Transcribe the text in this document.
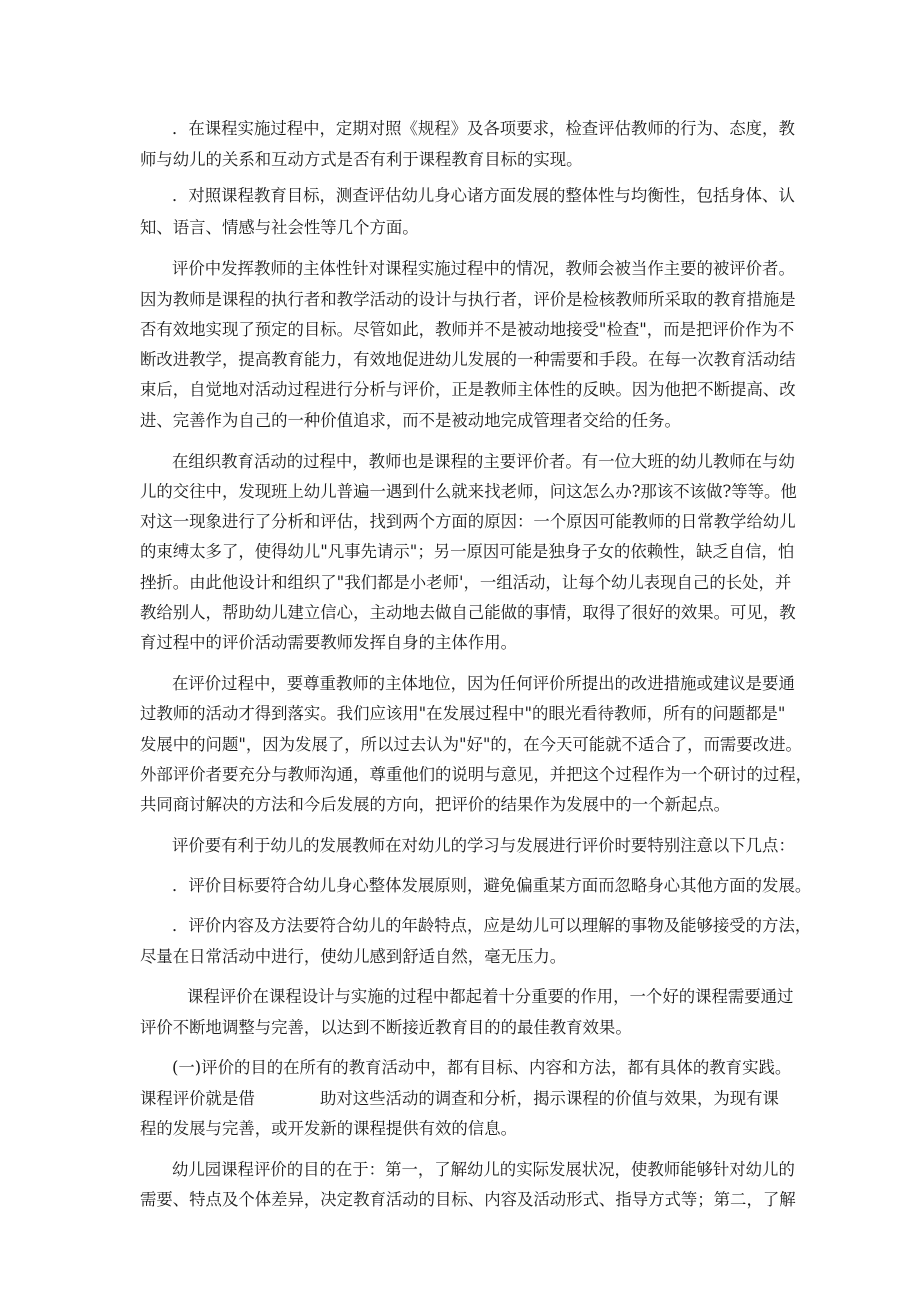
．在课程实施过程中，定期对照《规程》及各项要求，检查评估教师的行为、态度，教
师与幼儿的关系和互动方式是否有利于课程教育目标的实现。
．对照课程教育目标，测查评估幼儿身心诸方面发展的整体性与均衡性，包括身体、认
知、语言、情感与社会性等几个方面。
评价中发挥教师的主体性针对课程实施过程中的情况，教师会被当作主要的被评价者。
因为教师是课程的执行者和教学活动的设计与执行者，评价是检核教师所采取的教育措施是
否有效地实现了预定的目标。尽管如此，教师并不是被动地接受"检查"，而是把评价作为不
断改进教学，提高教育能力，有效地促进幼儿发展的一种需要和手段。在每一次教育活动结
束后，自觉地对活动过程进行分析与评价，正是教师主体性的反映。因为他把不断提高、改
进、完善作为自己的一种价值追求，而不是被动地完成管理者交给的任务。
在组织教育活动的过程中，教师也是课程的主要评价者。有一位大班的幼儿教师在与幼
儿的交往中，发现班上幼儿普遍一遇到什么就来找老师，问这怎么办?那该不该做?等等。他
对这一现象进行了分析和评估，找到两个方面的原因：一个原因可能教师的日常教学给幼儿
的束缚太多了，使得幼儿"凡事先请示"；另一原因可能是独身子女的依赖性，缺乏自信，怕
挫折。由此他设计和组织了"我们都是小老师'，一组活动，让每个幼儿表现自己的长处，并
教给别人，帮助幼儿建立信心，主动地去做自己能做的事情，取得了很好的效果。可见，教
育过程中的评价活动需要教师发挥自身的主体作用。
在评价过程中，要尊重教师的主体地位，因为任何评价所提出的改进措施或建议是要通
过教师的活动才得到落实。我们应该用"在发展过程中"的眼光看待教师，所有的问题都是"
发展中的问题"，因为发展了，所以过去认为"好"的，在今天可能就不适合了，而需要改进。
外部评价者要充分与教师沟通，尊重他们的说明与意见，并把这个过程作为一个研讨的过程，
共同商讨解决的方法和今后发展的方向，把评价的结果作为发展中的一个新起点。
评价要有利于幼儿的发展教师在对幼儿的学习与发展进行评价时要特别注意以下几点：
．评价目标要符合幼儿身心整体发展原则，避免偏重某方面而忽略身心其他方面的发展。
．评价内容及方法要符合幼儿的年龄特点，应是幼儿可以理解的事物及能够接受的方法，
尽量在日常活动中进行，使幼儿感到舒适自然，毫无压力。
课程评价在课程设计与实施的过程中都起着十分重要的作用，一个好的课程需要通过
评价不断地调整与完善，以达到不断接近教育目的的最佳教育效果。
(一)评价的目的在所有的教育活动中，都有目标、内容和方法，都有具体的教育实践。
课程评价就是借	助对这些活动的调查和分析，揭示课程的价值与效果，为现有课
程的发展与完善，或开发新的课程提供有效的信息。
幼儿园课程评价的目的在于：第一，了解幼儿的实际发展状况，使教师能够针对幼儿的
需要、特点及个体差异，决定教育活动的目标、内容及活动形式、指导方式等；第二，了解
